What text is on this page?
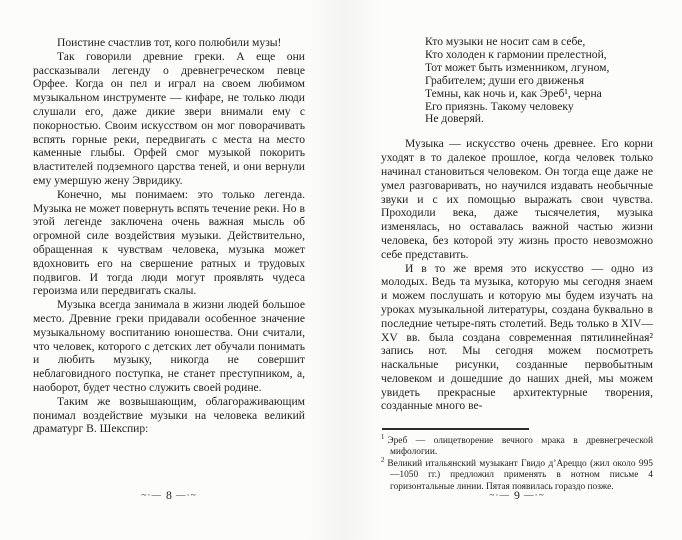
Поистине счастлив тот, кого полюбили музы!

Так говорили древние греки. А еще они рассказывали легенду о древнегреческом певце Орфее. Когда он пел и играл на своем любимом музыкальном инструменте — кифаре, не только люди слушали его, даже дикие звери внимали ему с покорностью. Своим искусством он мог поворачивать вспять горные реки, передвигать с места на место каменные глыбы. Орфей смог музыкой покорить властителей подземного царства теней, и они вернули ему умершую жену Эвридику.

Конечно, мы понимаем: это только легенда. Музыка не может повернуть вспять течение реки. Но в этой легенде заключена очень важная мысль об огромной силе воздействия музыки. Действительно, обращенная к чувствам человека, музыка может вдохновить его на свершение ратных и трудовых подвигов. И тогда люди могут проявлять чудеса героизма или передвигать скалы.

Музыка всегда занимала в жизни людей большое место. Древние греки придавали особенное значение музыкальному воспитанию юношества. Они считали, что человек, которого с детских лет обучали понимать и любить музыку, никогда не совершит неблаговидного поступка, не станет преступником, а, наоборот, будет честно служить своей родине.

Таким же возвышающим, облагораживающим понимал воздействие музыки на человека великий драматург В. Шекспир:

~·— 8 —·~
Кто музыки не носит сам в себе,
Кто холоден к гармонии прелестной,
Тот может быть изменником, лгуном,
Грабителем; души его движенья
Темны, как ночь и, как Эреб¹, черна
Его приязнь. Такому человеку
Не доверяй.

Музыка — искусство очень древнее. Его корни уходят в то далекое прошлое, когда человек только начинал становиться человеком. Он тогда еще даже не умел разговаривать, но научился издавать необычные звуки и с их помощью выражать свои чувства. Проходили века, даже тысячелетия, музыка изменялась, но оставалась важной частью жизни человека, без которой эту жизнь просто невозможно себе представить.

И в то же время это искусство — одно из молодых. Ведь та музыка, которую мы сегодня знаем и можем послушать и которую мы будем изучать на уроках музыкальной литературы, создана буквально в последние четыре-пять столетий. Ведь только в XIV—XV вв. была создана современная пятилинейная² запись нот. Мы сегодня можем посмотреть наскальные рисунки, созданные первобытным человеком и дошедшие до наших дней, мы можем увидеть прекрасные архитектурные творения, созданные много ве-

$^1$ Эреб — олицетворение вечного мрака в древнегреческой мифологии.
$^2$ Великий итальянский музыкант Гвидо д’Ареццо (жил около 995—1050 гг.) предложил применять в нотном письме 4 горизонтальные линии. Пятая появилась гораздо позже.
~·— 9 —·~
